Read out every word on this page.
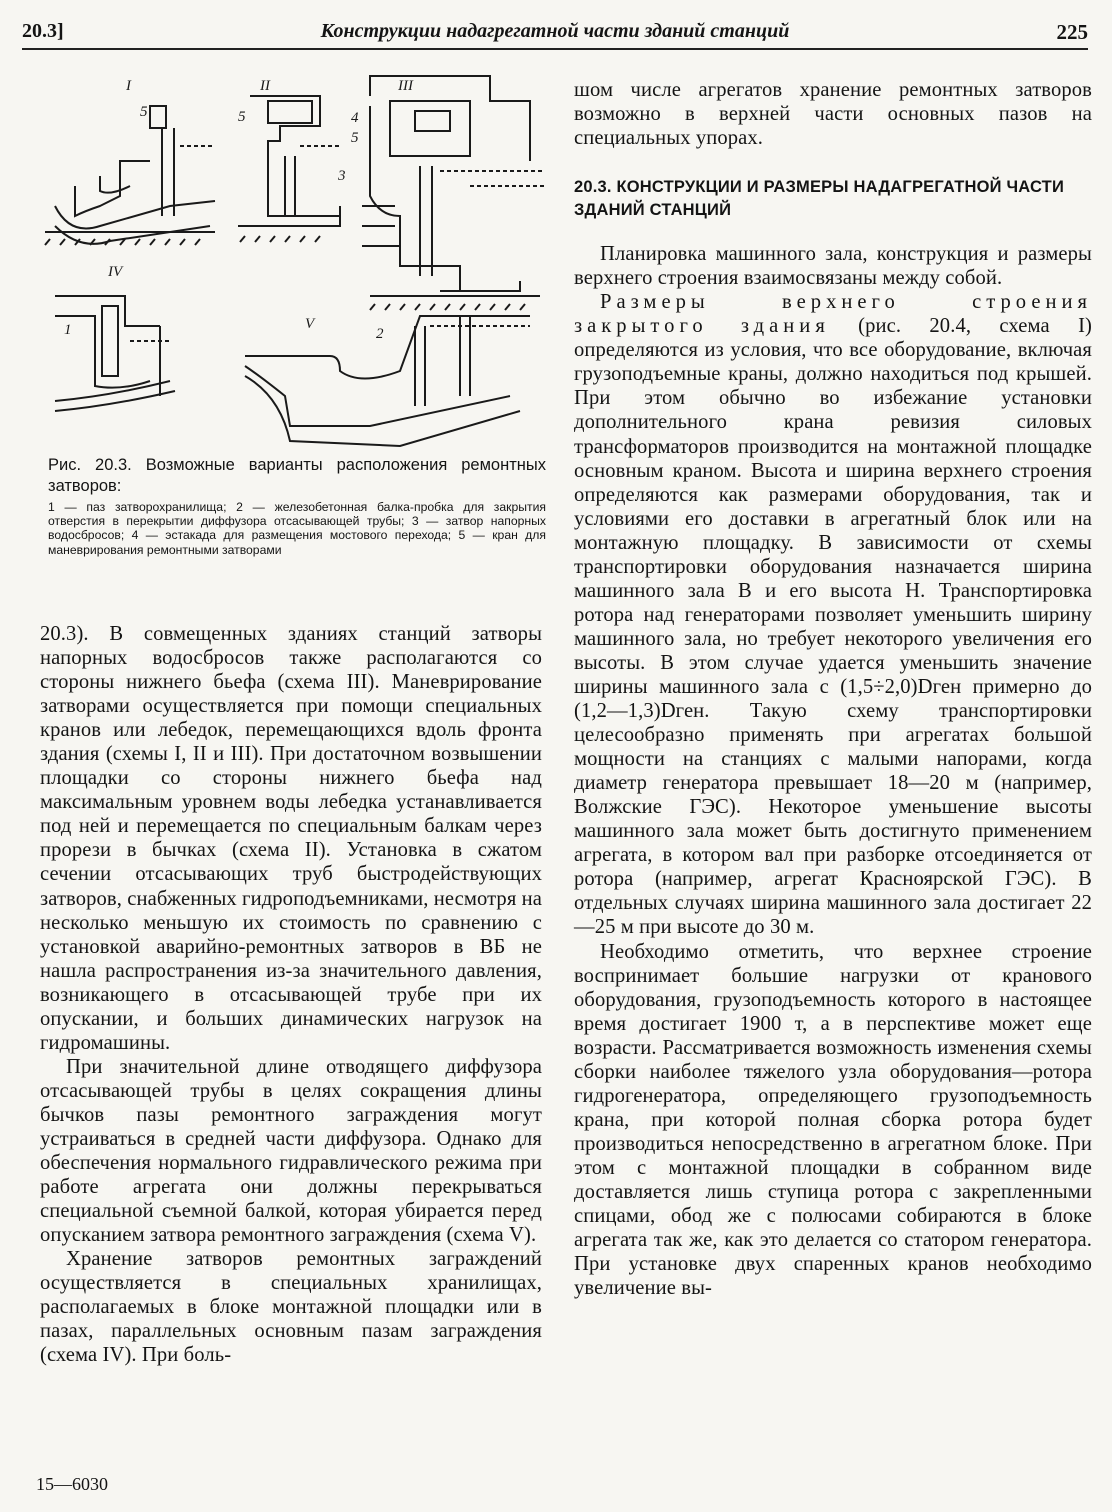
20.3]	Конструкции надагрегатной части зданий станций	225
I	II	III
IV
V
5	5	4
5
3
1	2
Рис. 20.3. Возможные варианты расположения ремонтных затворов:
1 — паз затворохранилища; 2 — железобетонная балка-пробка для закрытия отверстия в перекрытии диффузора отсасывающей трубы; 3 — затвор напорных водосбросов; 4 — эстакада для размещения мостового перехода; 5 — кран для маневрирования ремонтными затворами

20.3). В совмещенных зданиях станций затворы напорных водосбросов также располагаются со стороны нижнего бьефа (схема III). Маневрирование затворами осуществляется при помощи специальных кранов или лебедок, перемещающихся вдоль фронта здания (схемы I, II и III). При достаточном возвышении площадки со стороны нижнего бьефа над максимальным уровнем воды лебедка устанавливается под ней и перемещается по специальным балкам через прорези в бычках (схема II). Установка в сжатом сечении отсасывающих труб быстродействующих затворов, снабженных гидроподъемниками, несмотря на несколько меньшую их стоимость по сравнению с установкой аварийно-ремонтных затворов в ВБ не нашла распространения из-за значительного давления, возникающего в отсасывающей трубе при их опускании, и больших динамических нагрузок на гидромашины.

При значительной длине отводящего диффузора отсасывающей трубы в целях сокращения длины бычков пазы ремонтного заграждения могут устраиваться в средней части диффузора. Однако для обеспечения нормального гидравлического режима при работе агрегата они должны перекрываться специальной съемной балкой, которая убирается перед опусканием затвора ремонтного заграждения (схема V).

Хранение затворов ремонтных заграждений осуществляется в специальных хранилищах, располагаемых в блоке монтажной площадки или в пазах, параллельных основным пазам заграждения (схема IV). При боль-

шом числе агрегатов хранение ремонтных затворов возможно в верхней части основных пазов на специальных упорах.

20.3. КОНСТРУКЦИИ И РАЗМЕРЫ НАДАГРЕГАТНОЙ ЧАСТИ ЗДАНИЙ СТАНЦИЙ

Планировка машинного зала, конструкция и размеры верхнего строения взаимосвязаны между собой.

Размеры верхнего строения закрытого здания (рис. 20.4, схема I) определяются из условия, что все оборудование, включая грузоподъемные краны, должно находиться под крышей. При этом обычно во избежание установки дополнительного крана ревизия силовых трансформаторов производится на монтажной площадке основным краном. Высота и ширина верхнего строения определяются как размерами оборудования, так и условиями его доставки в агрегатный блок или на монтажную площадку. В зависимости от схемы транспортировки оборудования назначается ширина машинного зала B и его высота H. Транспортировка ротора над генераторами позволяет уменьшить ширину машинного зала, но требует некоторого увеличения его высоты. В этом случае удается уменьшить значение ширины машинного зала с (1,5÷2,0)Dген примерно до (1,2—1,3)Dген. Такую схему транспортировки целесообразно применять при агрегатах большой мощности на станциях с малыми напорами, когда диаметр генератора превышает 18—20 м (например, Волжские ГЭС). Некоторое уменьшение высоты машинного зала может быть достигнуто применением агрегата, в котором вал при разборке отсоединяется от ротора (например, агрегат Красноярской ГЭС). В отдельных случаях ширина машинного зала достигает 22—25 м при высоте до 30 м.

Необходимо отметить, что верхнее строение воспринимает большие нагрузки от кранового оборудования, грузоподъемность которого в настоящее время достигает 1900 т, а в перспективе может еще возрасти. Рассматривается возможность изменения схемы сборки наиболее тяжелого узла оборудования—ротора гидрогенератора, определяющего грузоподъемность крана, при которой полная сборка ротора будет производиться непосредственно в агрегатном блоке. При этом с монтажной площадки в собранном виде доставляется лишь ступица ротора с закрепленными спицами, обод же с полюсами собираются в блоке агрегата так же, как это делается со статором генератора. При установке двух спаренных кранов необходимо увеличение вы-

15—6030
